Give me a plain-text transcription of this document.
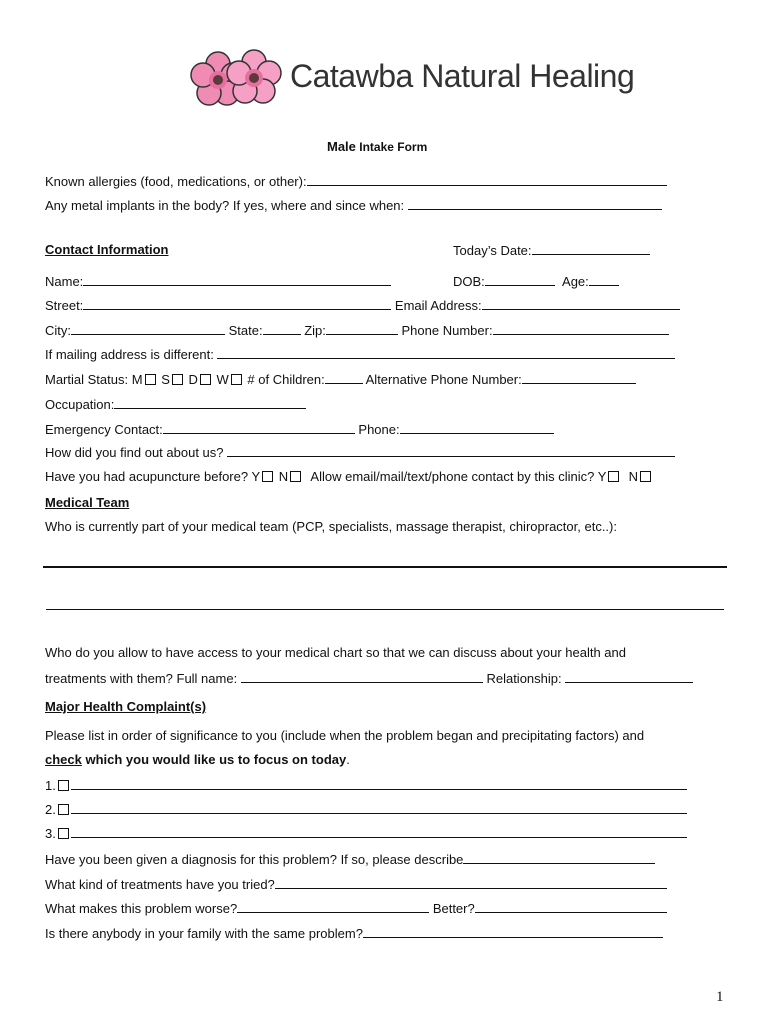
Catawba Natural Healing
Male Intake Form
Known allergies (food, medications, or other):
Any metal implants in the body? If yes, where and since when:
Contact Information	Today’s Date:
Name:	DOB:	Age:
Street:	Email Address:
City:	State:	Zip:	Phone Number:
If mailing address is different:
Martial Status: M S D W # of Children:	Alternative Phone Number:
Occupation:
Emergency Contact:	Phone:
How did you find out about us?
Have you had acupuncture before? Y N Allow email/mail/text/phone contact by this clinic? Y N
Medical Team
Who is currently part of your medical team (PCP, specialists, massage therapist, chiropractor, etc..):
Who do you allow to have access to your medical chart so that we can discuss about your health and
treatments with them? Full name:	Relationship:
Major Health Complaint(s)
Please list in order of significance to you (include when the problem began and precipitating factors) and
check which you would like us to focus on today.
1.
2.
3.
Have you been given a diagnosis for this problem? If so, please describe
What kind of treatments have you tried?
What makes this problem worse?	Better?
Is there anybody in your family with the same problem?
1
